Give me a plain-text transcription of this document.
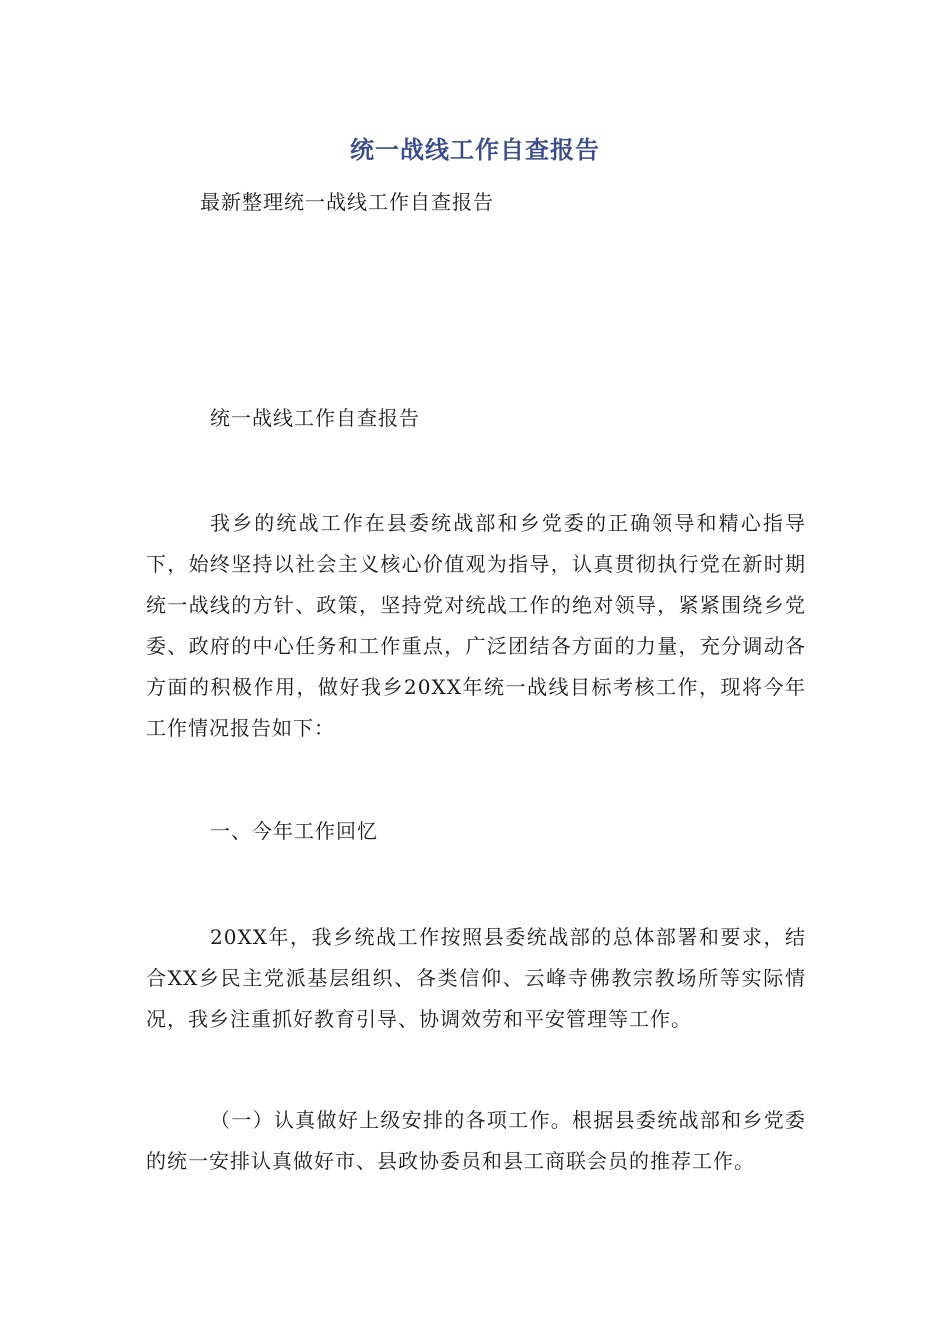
统一战线工作自查报告
最新整理统一战线工作自查报告
统一战线工作自查报告

我乡的统战工作在县委统战部和乡党委的正确领导和精心指导下，始终坚持以社会主义核心价值观为指导，认真贯彻执行党在新时期统一战线的方针、政策，坚持党对统战工作的绝对领导，紧紧围绕乡党委、政府的中心任务和工作重点，广泛团结各方面的力量，充分调动各方面的积极作用，做好我乡20XX年统一战线目标考核工作，现将今年工作情况报告如下：

一、今年工作回忆

20XX年，我乡统战工作按照县委统战部的总体部署和要求，结合XX乡民主党派基层组织、各类信仰、云峰寺佛教宗教场所等实际情况，我乡注重抓好教育引导、协调效劳和平安管理等工作。

（一）认真做好上级安排的各项工作。根据县委统战部和乡党委的统一安排认真做好市、县政协委员和县工商联会员的推荐工作。
